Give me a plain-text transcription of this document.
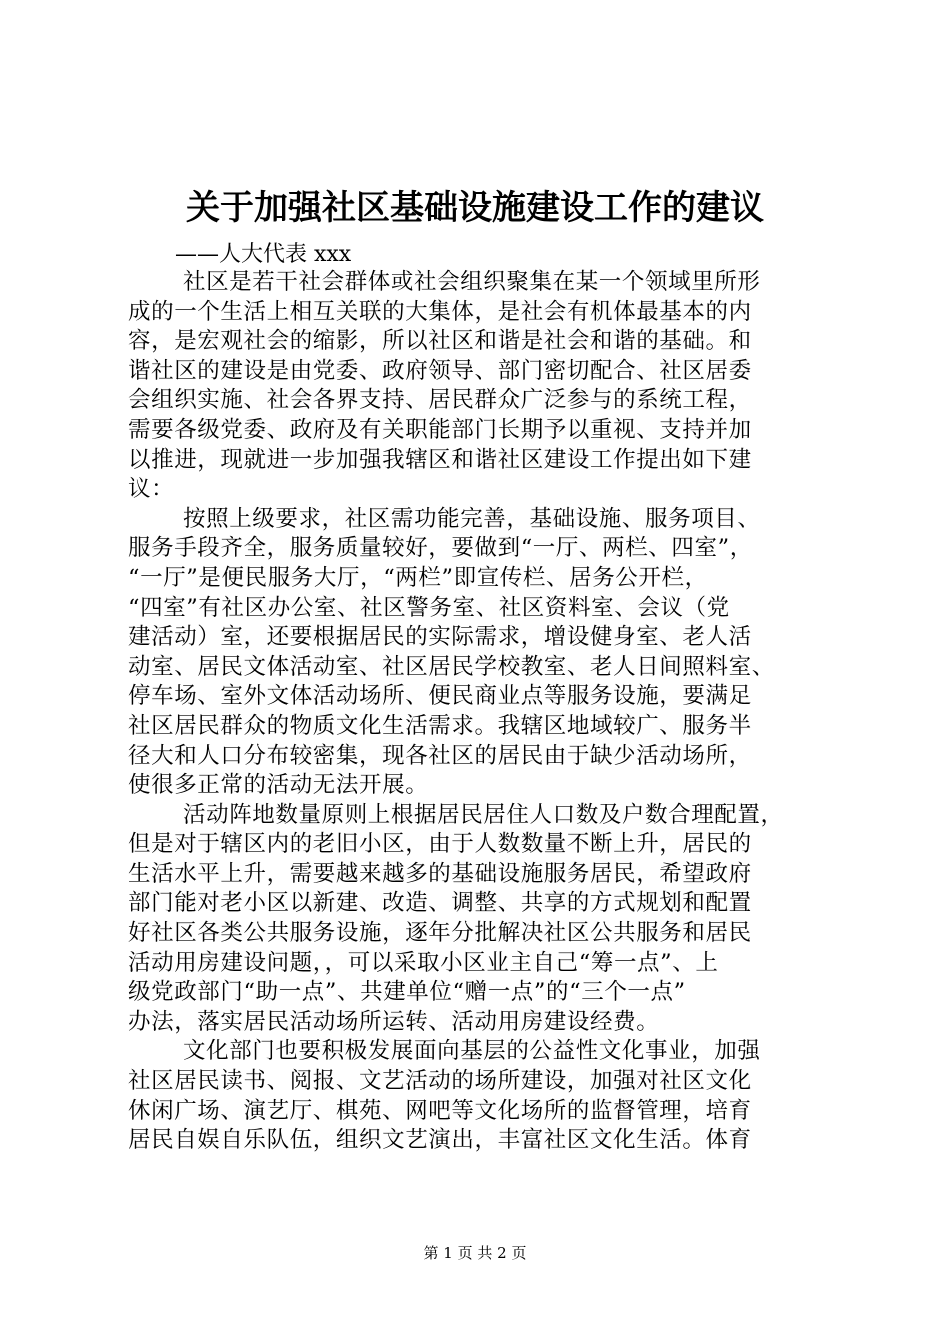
关于加强社区基础设施建设工作的建议
——人大代表 xxx
社区是若干社会群体或社会组织聚集在某一个领域里所形
成的一个生活上相互关联的大集体，是社会有机体最基本的内
容，是宏观社会的缩影，所以社区和谐是社会和谐的基础。和
谐社区的建设是由党委、政府领导、部门密切配合、社区居委
会组织实施、社会各界支持、居民群众广泛参与的系统工程，
需要各级党委、政府及有关职能部门长期予以重视、支持并加
以推进，现就进一步加强我辖区和谐社区建设工作提出如下建
议：
按照上级要求，社区需功能完善，基础设施、服务项目、
服务手段齐全，服务质量较好，要做到“一厅、两栏、四室”，
“一厅”是便民服务大厅，“两栏”即宣传栏、居务公开栏，
“四室”有社区办公室、社区警务室、社区资料室、会议（党
建活动）室，还要根据居民的实际需求，增设健身室、老人活
动室、居民文体活动室、社区居民学校教室、老人日间照料室、
停车场、室外文体活动场所、便民商业点等服务设施，要满足
社区居民群众的物质文化生活需求。我辖区地域较广、服务半
径大和人口分布较密集，现各社区的居民由于缺少活动场所，
使很多正常的活动无法开展。
活动阵地数量原则上根据居民居住人口数及户数合理配置，
但是对于辖区内的老旧小区，由于人数数量不断上升，居民的
生活水平上升，需要越来越多的基础设施服务居民，希望政府
部门能对老小区以新建、改造、调整、共享的方式规划和配置
好社区各类公共服务设施，逐年分批解决社区公共服务和居民
活动用房建设问题，，可以采取小区业主自己“筹一点”、上
级党政部门“助一点”、共建单位“赠一点”的“三个一点”
办法，落实居民活动场所运转、活动用房建设经费。
文化部门也要积极发展面向基层的公益性文化事业，加强
社区居民读书、阅报、文艺活动的场所建设，加强对社区文化
休闲广场、演艺厅、棋苑、网吧等文化场所的监督管理，培育
居民自娱自乐队伍，组织文艺演出，丰富社区文化生活。体育
第 1 页 共 2 页
